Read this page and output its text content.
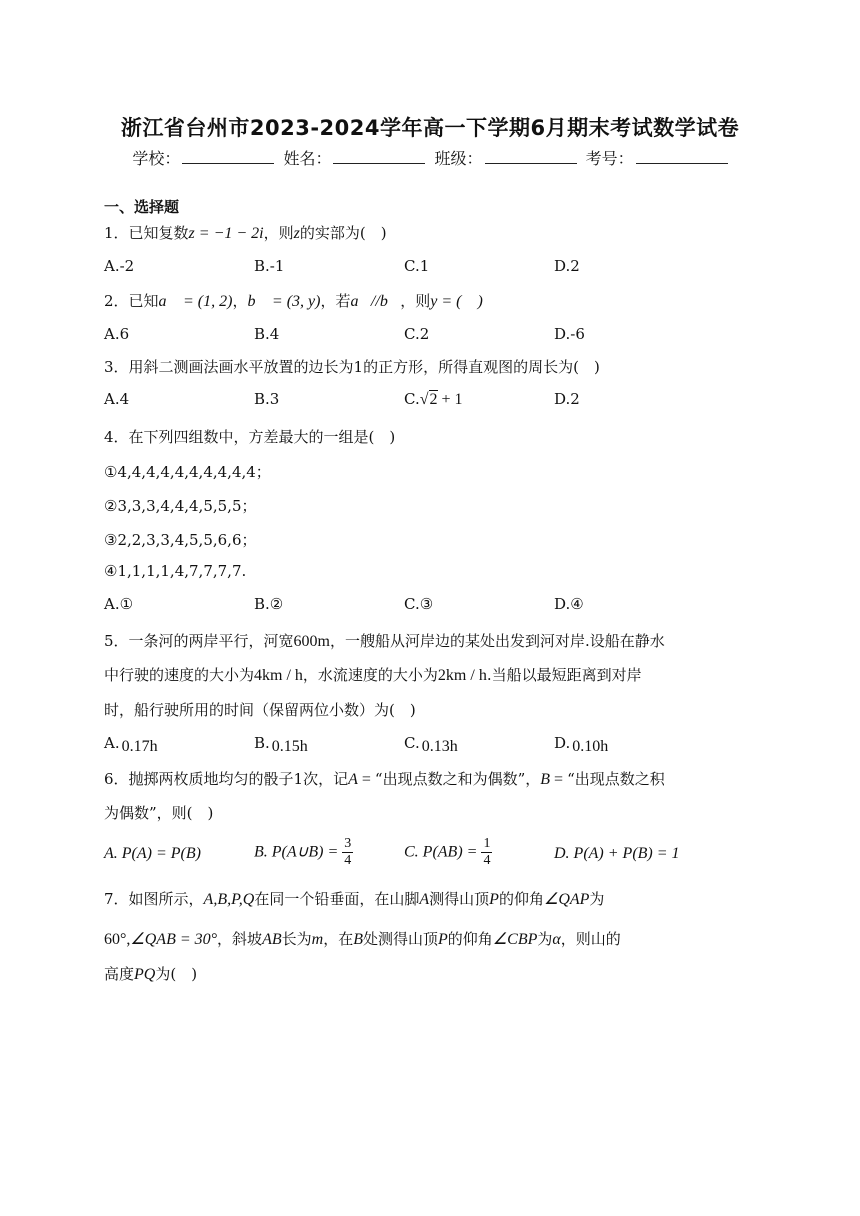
浙江省台州市2023-2024学年高一下学期6月期末考试数学试卷
学校：	姓名：	班级：	考号：
一、选择题
1．已知复数z = −1 − 2i，则z的实部为(　)
A.-2	B.-1	C.1	D.2
2．已知a⃗ = (1, 2)，b⃗ = (3, y)，若a⃗//b⃗，则y = (　)
A.6	B.4	C.2	D.-6
3．用斜二测画法画水平放置的边长为1的正方形，所得直观图的周长为(　)
A.4	B.3	C.√2 + 1	D.2
4．在下列四组数中，方差最大的一组是(　)
①4,4,4,4,4,4,4,4,4,4；
②3,3,3,4,4,4,5,5,5；
③2,2,3,3,4,5,5,6,6；
④1,1,1,1,4,7,7,7,7.
A.①	B.②	C.③	D.④
5．一条河的两岸平行，河宽600m，一艘船从河岸边的某处出发到河对岸.设船在静水
中行驶的速度的大小为4km / h，水流速度的大小为2km / h.当船以最短距离到对岸
时，船行驶所用的时间（保留两位小数）为(　)
A. 0.17h	B. 0.15h	C. 0.13h	D. 0.10h
6．抛掷两枚质地均匀的骰子1次，记A = “出现点数之和为偶数”，B = “出现点数之积
为偶数”，则(　)
A. P(A) = P(B)	B. P(A∪B) = $\frac{3}{4}$	C. $P(AB) = \frac{1}{4}$	D. P(A) + P(B) = 1
7．如图所示，A,B,P,Q在同一个铅垂面，在山脚A测得山顶P的仰角∠QAP为
60°,∠QAB = 30°，斜坡AB长为m，在B处测得山顶P的仰角∠CBP为α，则山的
高度PQ为(　)
